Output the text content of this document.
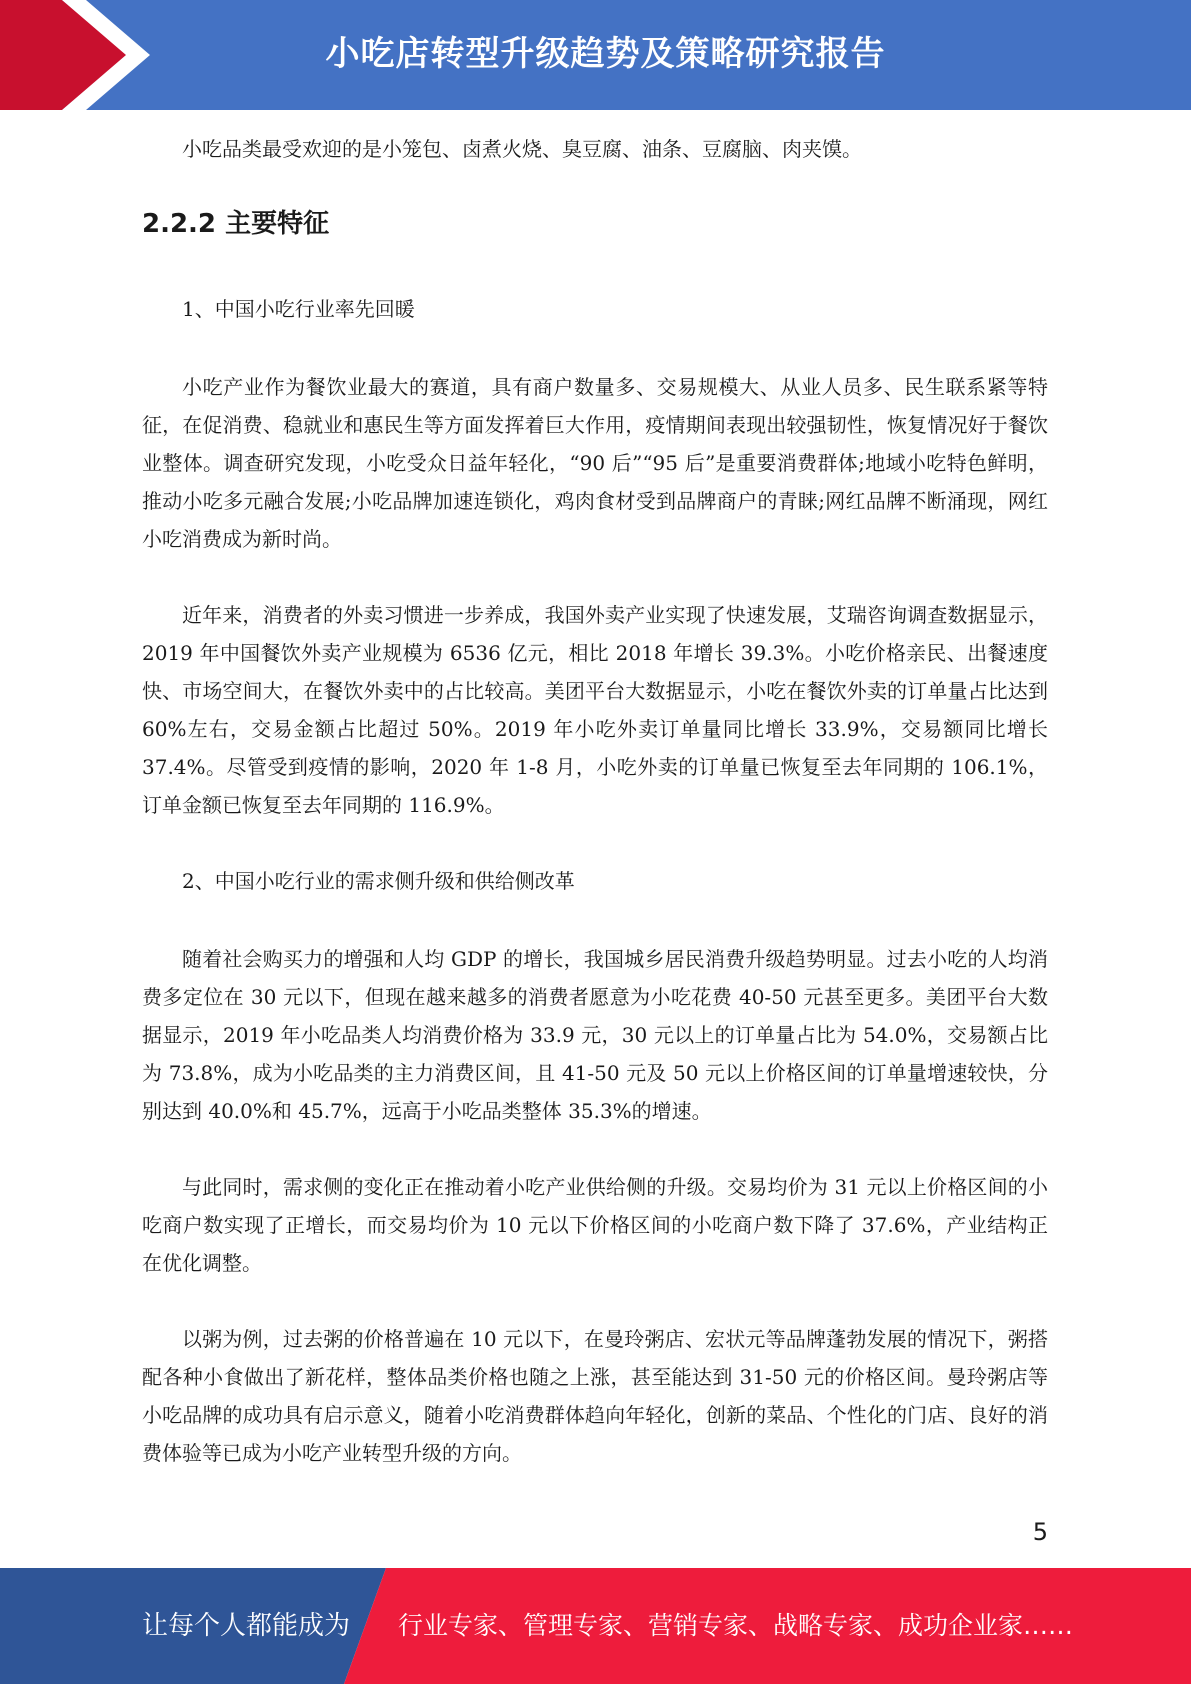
小吃店转型升级趋势及策略研究报告

小吃品类最受欢迎的是小笼包、卤煮火烧、臭豆腐、油条、豆腐脑、肉夹馍。

2.2.2 主要特征

1、中国小吃行业率先回暖

小吃产业作为餐饮业最大的赛道，具有商户数量多、交易规模大、从业人员多、民生联系紧等特征，在促消费、稳就业和惠民生等方面发挥着巨大作用，疫情期间表现出较强韧性，恢复情况好于餐饮业整体。调查研究发现，小吃受众日益年轻化，“90 后”“95 后”是重要消费群体;地域小吃特色鲜明，推动小吃多元融合发展;小吃品牌加速连锁化，鸡肉食材受到品牌商户的青睐;网红品牌不断涌现，网红小吃消费成为新时尚。

近年来，消费者的外卖习惯进一步养成，我国外卖产业实现了快速发展，艾瑞咨询调查数据显示，2019 年中国餐饮外卖产业规模为 6536 亿元，相比 2018 年增长 39.3%。小吃价格亲民、出餐速度快、市场空间大，在餐饮外卖中的占比较高。美团平台大数据显示，小吃在餐饮外卖的订单量占比达到 60%左右，交易金额占比超过 50%。2019 年小吃外卖订单量同比增长 33.9%，交易额同比增长 37.4%。尽管受到疫情的影响，2020 年 1-8 月，小吃外卖的订单量已恢复至去年同期的 106.1%，订单金额已恢复至去年同期的 116.9%。

2、中国小吃行业的需求侧升级和供给侧改革

随着社会购买力的增强和人均 GDP 的增长，我国城乡居民消费升级趋势明显。过去小吃的人均消费多定位在 30 元以下，但现在越来越多的消费者愿意为小吃花费 40-50 元甚至更多。美团平台大数据显示，2019 年小吃品类人均消费价格为 33.9 元，30 元以上的订单量占比为 54.0%，交易额占比为 73.8%，成为小吃品类的主力消费区间，且 41-50 元及 50 元以上价格区间的订单量增速较快，分别达到 40.0%和 45.7%，远高于小吃品类整体 35.3%的增速。

与此同时，需求侧的变化正在推动着小吃产业供给侧的升级。交易均价为 31 元以上价格区间的小吃商户数实现了正增长，而交易均价为 10 元以下价格区间的小吃商户数下降了 37.6%，产业结构正在优化调整。

以粥为例，过去粥的价格普遍在 10 元以下，在曼玲粥店、宏状元等品牌蓬勃发展的情况下，粥搭配各种小食做出了新花样，整体品类价格也随之上涨，甚至能达到 31-50 元的价格区间。曼玲粥店等小吃品牌的成功具有启示意义，随着小吃消费群体趋向年轻化，创新的菜品、个性化的门店、良好的消费体验等已成为小吃产业转型升级的方向。

5
让每个人都能成为 行业专家、管理专家、营销专家、战略专家、成功企业家……
